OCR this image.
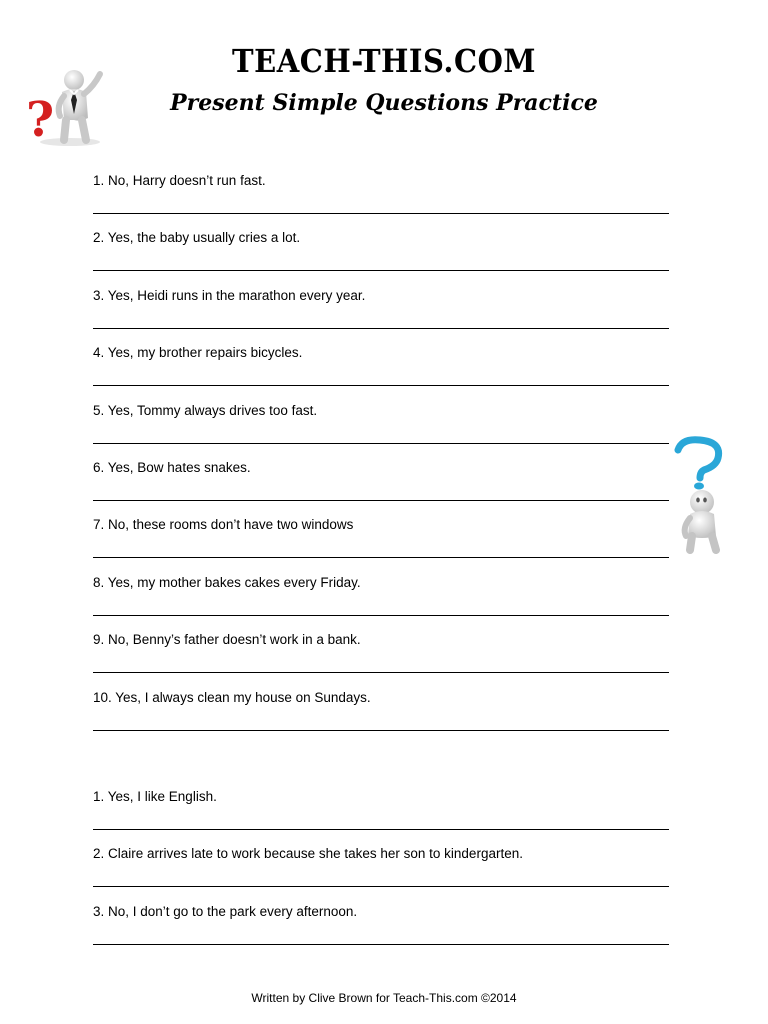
?
TEACH-THIS.COM
Present Simple Questions Practice
1. No, Harry doesn’t run fast.
2. Yes, the baby usually cries a lot.
3. Yes, Heidi runs in the marathon every year.
4. Yes, my brother repairs bicycles.
5. Yes, Tommy always drives too fast.
6. Yes, Bow hates snakes.
7. No, these rooms don’t have two windows
8. Yes, my mother bakes cakes every Friday.
9. No, Benny’s father doesn’t work in a bank.
10. Yes, I always clean my house on Sundays.
1. Yes, I like English.
2. Claire arrives late to work because she takes her son to kindergarten.
3. No, I don’t go to the park every afternoon.
Written by Clive Brown for Teach-This.com ©2014
